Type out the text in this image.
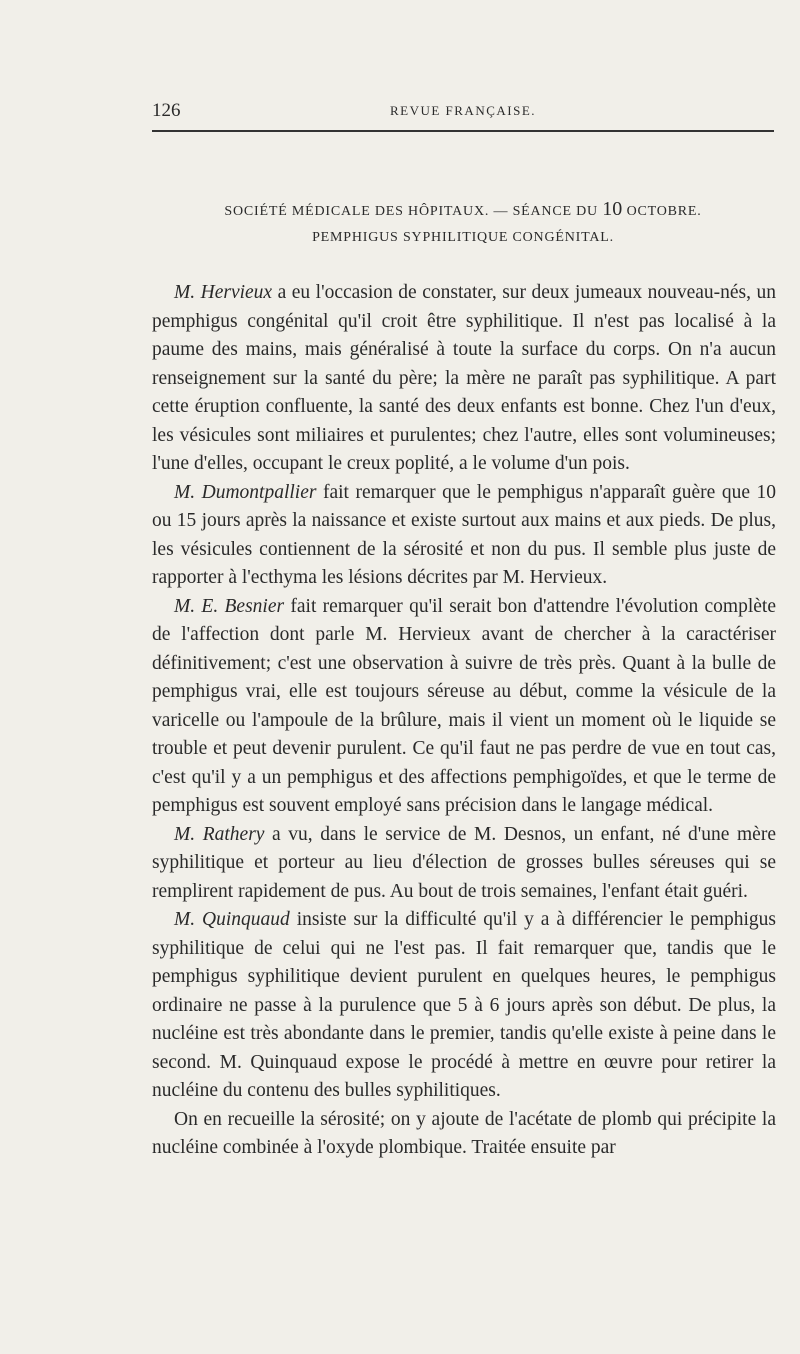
126	REVUE FRANÇAISE.
SOCIÉTÉ MÉDICALE DES HÔPITAUX. — SÉANCE DU 10 OCTOBRE.
PEMPHIGUS SYPHILITIQUE CONGÉNITAL.

M. Hervieux a eu l'occasion de constater, sur deux jumeaux nouveau-nés, un pemphigus congénital qu'il croit être syphilitique. Il n'est pas localisé à la paume des mains, mais généralisé à toute la surface du corps. On n'a aucun renseignement sur la santé du père; la mère ne paraît pas syphilitique. A part cette éruption confluente, la santé des deux enfants est bonne. Chez l'un d'eux, les vésicules sont miliaires et purulentes; chez l'autre, elles sont volumineuses; l'une d'elles, occupant le creux poplité, a le volume d'un pois.

M. Dumontpallier fait remarquer que le pemphigus n'apparaît guère que 10 ou 15 jours après la naissance et existe surtout aux mains et aux pieds. De plus, les vésicules contiennent de la sérosité et non du pus. Il semble plus juste de rapporter à l'ecthyma les lésions décrites par M. Hervieux.

M. E. Besnier fait remarquer qu'il serait bon d'attendre l'évolution complète de l'affection dont parle M. Hervieux avant de chercher à la caractériser définitivement; c'est une observation à suivre de très près. Quant à la bulle de pemphigus vrai, elle est toujours séreuse au début, comme la vésicule de la varicelle ou l'ampoule de la brûlure, mais il vient un moment où le liquide se trouble et peut devenir purulent. Ce qu'il faut ne pas perdre de vue en tout cas, c'est qu'il y a un pemphigus et des affections pemphigoïdes, et que le terme de pemphigus est souvent employé sans précision dans le langage médical.

M. Rathery a vu, dans le service de M. Desnos, un enfant, né d'une mère syphilitique et porteur au lieu d'élection de grosses bulles séreuses qui se remplirent rapidement de pus. Au bout de trois semaines, l'enfant était guéri.

M. Quinquaud insiste sur la difficulté qu'il y a à différencier le pemphigus syphilitique de celui qui ne l'est pas. Il fait remarquer que, tandis que le pemphigus syphilitique devient purulent en quelques heures, le pemphigus ordinaire ne passe à la purulence que 5 à 6 jours après son début. De plus, la nucléine est très abondante dans le premier, tandis qu'elle existe à peine dans le second. M. Quinquaud expose le procédé à mettre en œuvre pour retirer la nucléine du contenu des bulles syphilitiques.

On en recueille la sérosité; on y ajoute de l'acétate de plomb qui précipite la nucléine combinée à l'oxyde plombique. Traitée ensuite par
